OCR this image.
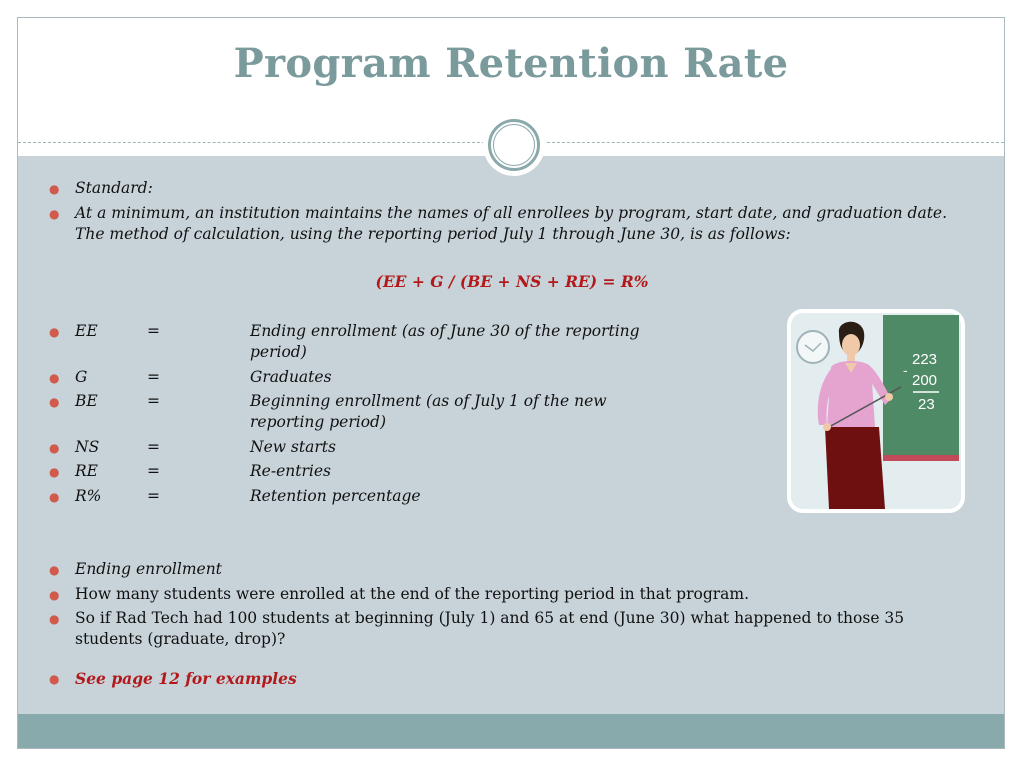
Program Retention Rate
● Standard:
● At a minimum, an institution maintains the names of all enrollees by program, start date, and graduation date. The method of calculation, using the reporting period July 1 through June 30, is as follows:
(EE + G / (BE + NS + RE) = R%
● EE	=	Ending enrollment (as of June 30 of the reporting period)
● G	=	Graduates
● BE	=	Beginning enrollment (as of July 1 of the new reporting period)
● NS	=	New starts
● RE	=	Re-entries
● R%	=	Retention percentage
● Ending enrollment
● How many students were enrolled at the end of the reporting period in that program.
● So if Rad Tech had 100 students at beginning (July 1) and 65 at end (June 30) what happened to those 35 students (graduate, drop)?
● See page 12 for examples
223
-
200
23
